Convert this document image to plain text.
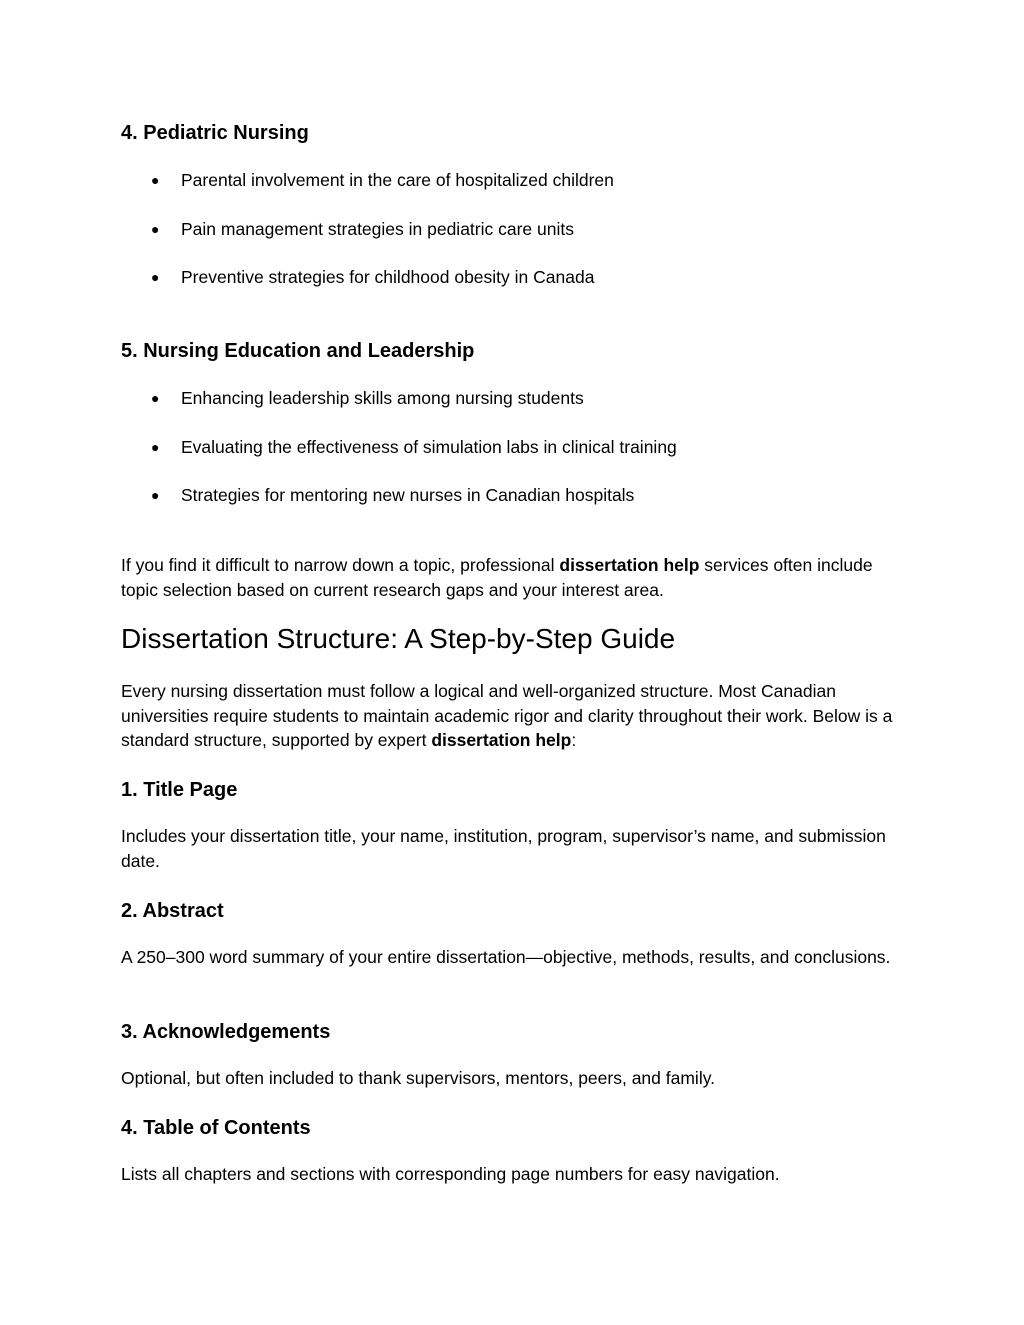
4. Pediatric Nursing
● Parental involvement in the care of hospitalized children
● Pain management strategies in pediatric care units
● Preventive strategies for childhood obesity in Canada
5. Nursing Education and Leadership
● Enhancing leadership skills among nursing students
● Evaluating the effectiveness of simulation labs in clinical training
● Strategies for mentoring new nurses in Canadian hospitals

If you find it difficult to narrow down a topic, professional dissertation help services often include topic selection based on current research gaps and your interest area.

Dissertation Structure: A Step-by-Step Guide

Every nursing dissertation must follow a logical and well-organized structure. Most Canadian universities require students to maintain academic rigor and clarity throughout their work. Below is a standard structure, supported by expert dissertation help:

1. Title Page

Includes your dissertation title, your name, institution, program, supervisor’s name, and submission date.

2. Abstract

A 250–300 word summary of your entire dissertation—objective, methods, results, and conclusions.

3. Acknowledgements

Optional, but often included to thank supervisors, mentors, peers, and family.

4. Table of Contents

Lists all chapters and sections with corresponding page numbers for easy navigation.
